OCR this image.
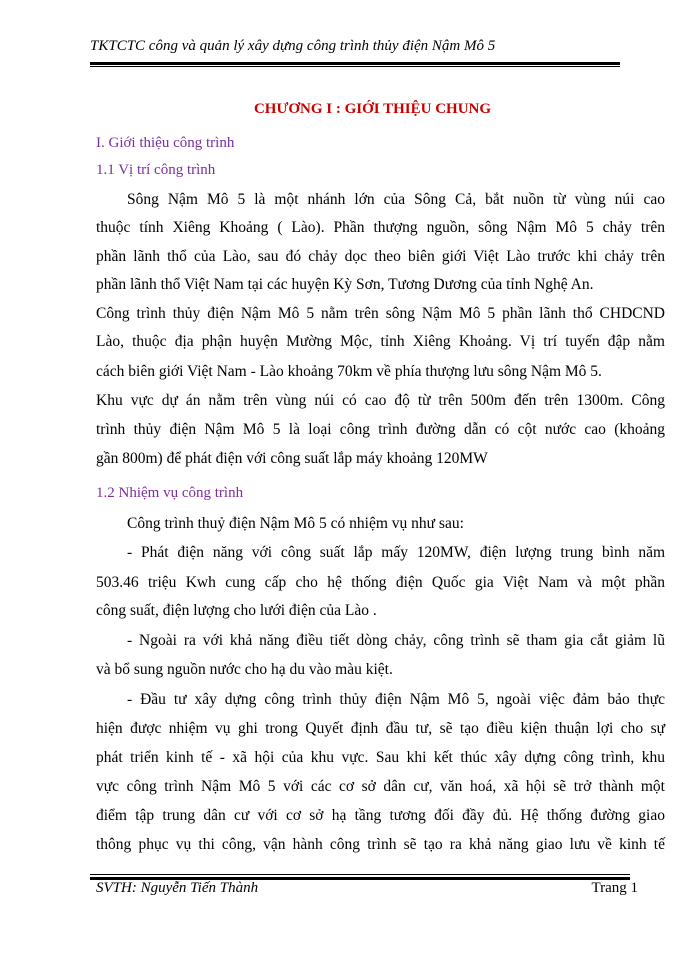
TKTCTC công và quản lý xây dựng công trình thủy điện Nậm Mô 5
CHƯƠNG I : GIỚI THIỆU CHUNG
I. Giới thiệu công trình
1.1 Vị trí công trình
Sông Nậm Mô 5 là một nhánh lớn của Sông Cả, bắt nuồn từ vùng núi cao
thuộc tính Xiêng Khoảng ( Lào). Phần thượng nguồn, sông Nậm Mô 5 chảy trên
phần lãnh thổ của Lào, sau đó chảy dọc theo biên giới Việt Lào trước khi chảy trên
phần lãnh thổ Việt Nam tại các huyện Kỳ Sơn, Tương Dương của tỉnh Nghệ An.
Công trình thủy điện Nậm Mô 5 nằm trên sông Nậm Mô 5 phần lãnh thổ CHDCND
Lào, thuộc địa phận huyện Mường Mộc, tỉnh Xiêng Khoảng. Vị trí tuyến đập nằm
cách biên giới Việt Nam - Lào khoảng 70km về phía thượng lưu sông Nậm Mô 5.
Khu vực dự án nằm trên vùng núi có cao độ từ trên 500m đến trên 1300m. Công
trình thủy điện Nậm Mô 5 là loại công trình đường dẫn có cột nước cao (khoảng
gần 800m) để phát điện với công suất lắp máy khoảng 120MW
1.2 Nhiệm vụ công trình
Công trình thuỷ điện Nậm Mô 5 có nhiệm vụ như sau:
- Phát điện năng với công suất lắp mấy 120MW, điện lượng trung bình năm
503.46 triệu Kwh cung cấp cho hệ thống điện Quốc gia Việt Nam và một phần
công suất, điện lượng cho lưới điện của Lào .
- Ngoài ra với khả năng điều tiết dòng chảy, công trình sẽ tham gia cắt giảm lũ
và bổ sung nguồn nước cho hạ du vào màu kiệt.
- Đầu tư xây dựng công trình thủy điện Nậm Mô 5, ngoài việc đảm bảo thực
hiện được nhiệm vụ ghi trong Quyết định đầu tư, sẽ tạo điều kiện thuận lợi cho sự
phát triển kinh tế - xã hội của khu vực. Sau khi kết thúc xây dựng công trình, khu
vực công trình Nậm Mô 5 với các cơ sở dân cư, văn hoá, xã hội sẽ trở thành một
điểm tập trung dân cư với cơ sở hạ tầng tương đối đầy đủ. Hệ thống đường giao
thông phục vụ thi công, vận hành công trình sẽ tạo ra khả năng giao lưu về kinh tế
SVTH: Nguyễn Tiến Thành	Trang 1
